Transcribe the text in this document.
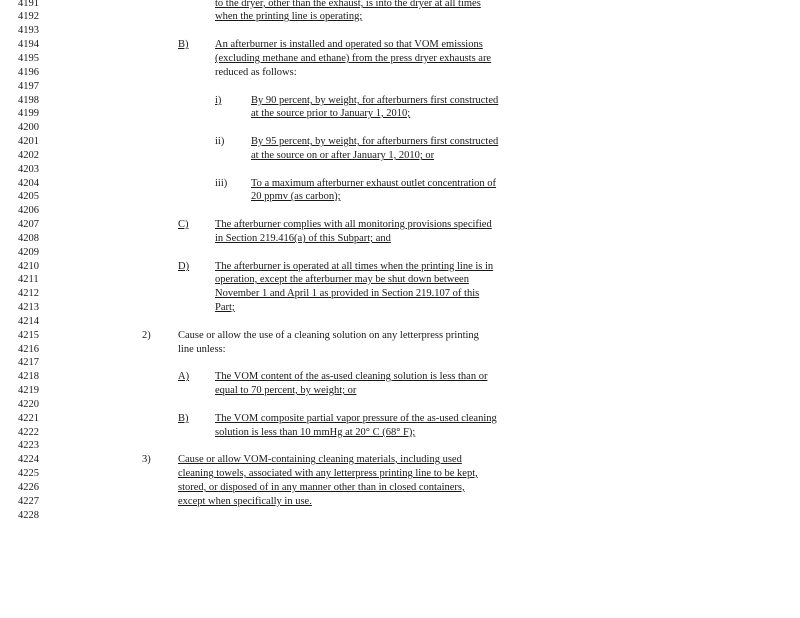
4191
4192
4193
4194
4195
4196
4197
4198
4199
4200
4201
4202
4203
4204
4205
4206
4207
4208
4209
4210
4211
4212
4213
4214
4215
4216
4217
4218
4219
4220
4221
4222
4223
4224
4225
4226
4227
4228
to the dryer, other than the exhaust, is into the dryer at all times
when the printing line is operating;
B)	An afterburner is installed and operated so that VOM emissions
(excluding methane and ethane) from the press dryer exhausts are
reduced as follows:
i)	By 90 percent, by weight, for afterburners first constructed
at the source prior to January 1, 2010;
ii)	By 95 percent, by weight, for afterburners first constructed
at the source on or after January 1, 2010; or
iii) To a maximum afterburner exhaust outlet concentration of
20 ppmv (as carbon);
C)	The afterburner complies with all monitoring provisions specified
in Section 219.416(a) of this Subpart; and
D) The afterburner is operated at all times when the printing line is in
operation, except the afterburner may be shut down between
November 1 and April 1 as provided in Section 219.107 of this
Part;
2)	Cause or allow the use of a cleaning solution on any letterpress printing
line unless:
A) The VOM content of the as-used cleaning solution is less than or
equal to 70 percent, by weight; or
B)	The VOM composite partial vapor pressure of the as-used cleaning
solution is less than 10 mmHg at 20° C (68° F);
3)	Cause or allow VOM-containing cleaning materials, including used
cleaning towels, associated with any letterpress printing line to be kept,
stored, or disposed of in any manner other than in closed containers,
except when specifically in use.
